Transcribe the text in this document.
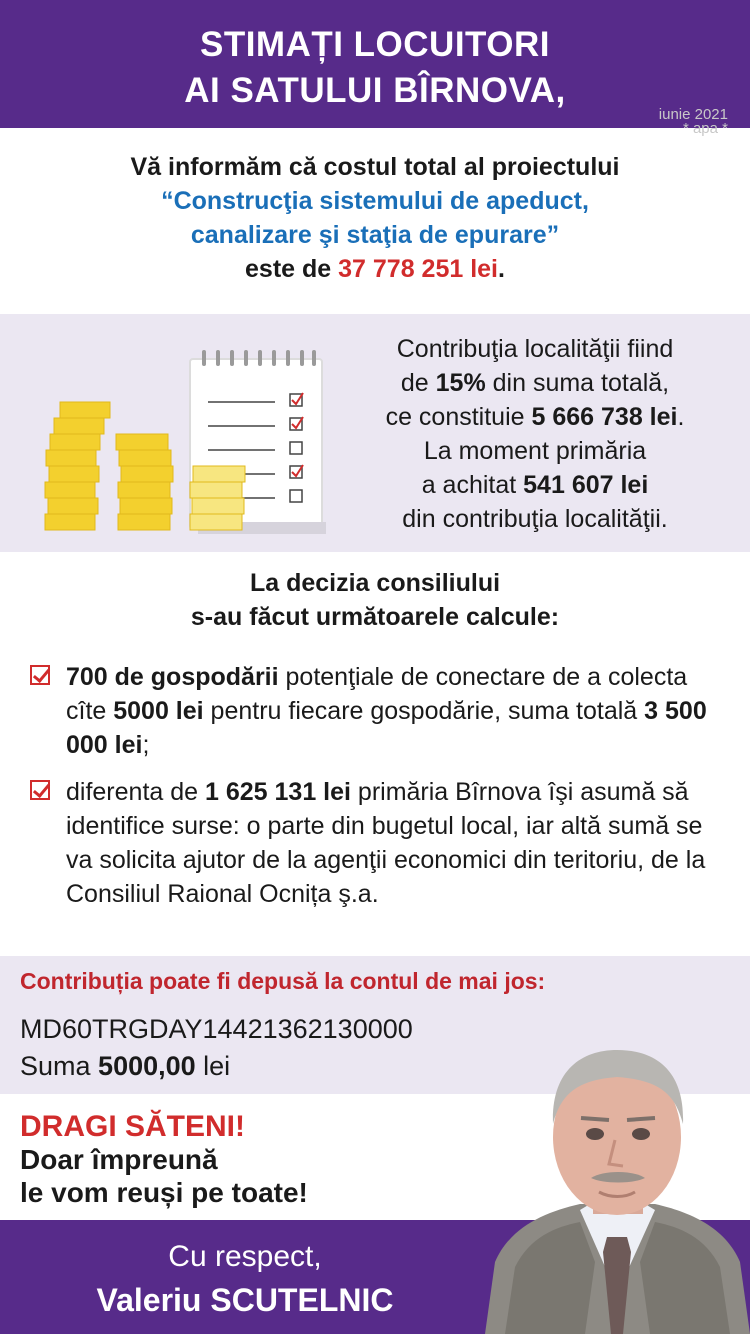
STIMAȚI LOCUITORI
AI SATULUI BÎRNOVA,
iunie 2021
* apa *
Vă informăm că costul total al proiectului
“Construcţia sistemului de apeduct,
canalizare şi staţia de epurare”
este de 37 778 251 lei.
Contribuţia localităţii fiind
de 15% din suma totală,
ce constituie 5 666 738 lei.
La moment primăria
a achitat 541 607 lei
din contribuţia localităţii.
La decizia consiliului
s-au făcut următoarele calcule:
700 de gospodării potenţiale de conectare de a colecta cîte 5000 lei pentru fiecare gospodărie, suma totală 3 500 000 lei;
diferenta de 1 625 131 lei primăria Bîrnova îşi asumă să identifice surse: o parte din bugetul local, iar altă sumă se va solicita ajutor de la agenţii economici din teritoriu, de la Consiliul Raional Ocnița ş.a.
Contribuția poate fi depusă la contul de mai jos:
MD60TRGDAY14421362130000
Suma 5000,00 lei
DRAGI SĂTENI!
Doar împreună
le vom reuși pe toate!
Cu respect,
Valeriu SCUTELNIC
